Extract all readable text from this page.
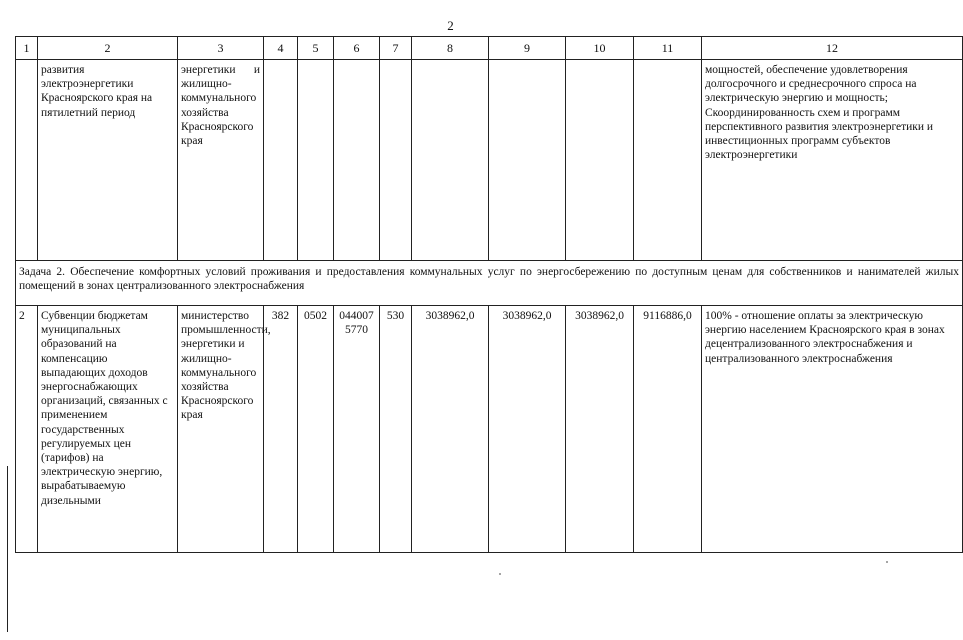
2
1	2	3	4	5	6	7	8	9	10	11	12
	развития электроэнергетики Красноярского края на пятилетний период	энергетики и жилищно-коммунального хозяйства Красноярского края									мощностей, обеспечение удовлетворения долгосрочного и среднесрочного спроса на электрическую энергию и мощность; Скоординированность схем и программ перспективного развития электроэнергетики и инвестиционных программ субъектов электроэнергетики
Задача 2. Обеспечение комфортных условий проживания и предоставления коммунальных услуг по энергосбережению по доступным ценам для собственников и нанимателей жилых помещений в зонах централизованного электроснабжения											
2	Субвенции бюджетам муниципальных образований на компенсацию выпадающих доходов энергоснабжающих организаций, связанных с применением государственных регулируемых цен (тарифов) на электрическую энергию, вырабатываемую дизельными	министерство промышленности, энергетики и жилищно-коммунального хозяйства Красноярского края	382	0502	0440075770	530	3038962,0	3038962,0	3038962,0	9116886,0	100% - отношение оплаты за электрическую энергию населением Красноярского края в зонах децентрализованного электроснабжения и централизованного электроснабжения
